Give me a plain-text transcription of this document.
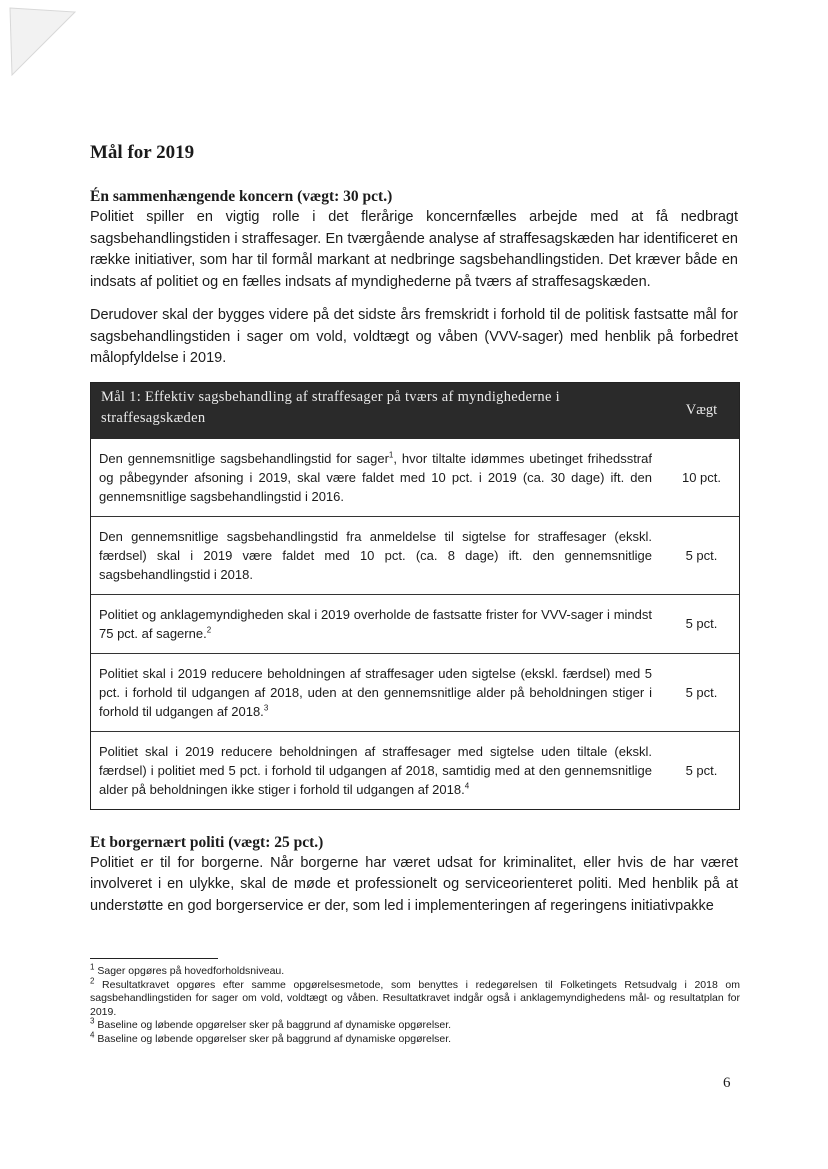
Mål for 2019
Én sammenhængende koncern (vægt: 30 pct.)

Politiet spiller en vigtig rolle i det flerårige koncernfælles arbejde med at få nedbragt sagsbehandlingstiden i straffesager. En tværgående analyse af straffesagskæden har identificeret en række initiativer, som har til formål markant at nedbringe sagsbehandlingstiden. Det kræver både en indsats af politiet og en fælles indsats af myndighederne på tværs af straffesagskæden.

Derudover skal der bygges videre på det sidste års fremskridt i forhold til de politisk fastsatte mål for sagsbehandlingstiden i sager om vold, voldtægt og våben (VVV-sager) med henblik på forbedret målopfyldelse i 2019.

Mål 1: Effektiv sagsbehandling af straffesager på tværs af myndighederne i straffesagskæden	Vægt
Den gennemsnitlige sagsbehandlingstid for sager$^1$, hvor tiltalte idømmes ubetinget frihedsstraf og påbegynder afsoning i 2019, skal være faldet med 10 pct. i 2019 (ca. 30 dage) ift. den gennemsnitlige sagsbehandlingstid i 2016.
10 pct.
Den gennemsnitlige sagsbehandlingstid fra anmeldelse til sigtelse for straffesager (ekskl. færdsel) skal i 2019 være faldet med 10 pct. (ca. 8 dage) ift. den gennemsnitlige sagsbehandlingstid i 2018.
5 pct.
Politiet og anklagemyndigheden skal i 2019 overholde de fastsatte frister for VVV-sager i mindst 75 pct. af sagerne.$^2$	5 pct.
Politiet skal i 2019 reducere beholdningen af straffesager uden sigtelse (ekskl. færdsel) med 5 pct. i forhold til udgangen af 2018, uden at den gennemsnitlige alder på beholdningen stiger i forhold til udgangen af 2018.$^3$
5 pct.
Politiet skal i 2019 reducere beholdningen af straffesager med sigtelse uden tiltale (ekskl. færdsel) i politiet med 5 pct. i forhold til udgangen af 2018, samtidig med at den gennemsnitlige alder på beholdningen ikke stiger i forhold til udgangen af 2018.$^4$
5 pct.
Et borgernært politi (vægt: 25 pct.)

Politiet er til for borgerne. Når borgerne har været udsat for kriminalitet, eller hvis de har været involveret i en ulykke, skal de møde et professionelt og serviceorienteret politi. Med henblik på at understøtte en god borgerservice er der, som led i implementeringen af regeringens initiativpakke

$^1$ Sager opgøres på hovedforholdsniveau.

$^2$ Resultatkravet opgøres efter samme opgørelsesmetode, som benyttes i redegørelsen til Folketingets Retsudvalg i 2018 om sagsbehandlingstiden for sager om vold, voldtægt og våben. Resultatkravet indgår også i anklagemyndighedens mål- og resultatplan for 2019.

$^3$ Baseline og løbende opgørelser sker på baggrund af dynamiske opgørelser.

$^4$ Baseline og løbende opgørelser sker på baggrund af dynamiske opgørelser.

6
